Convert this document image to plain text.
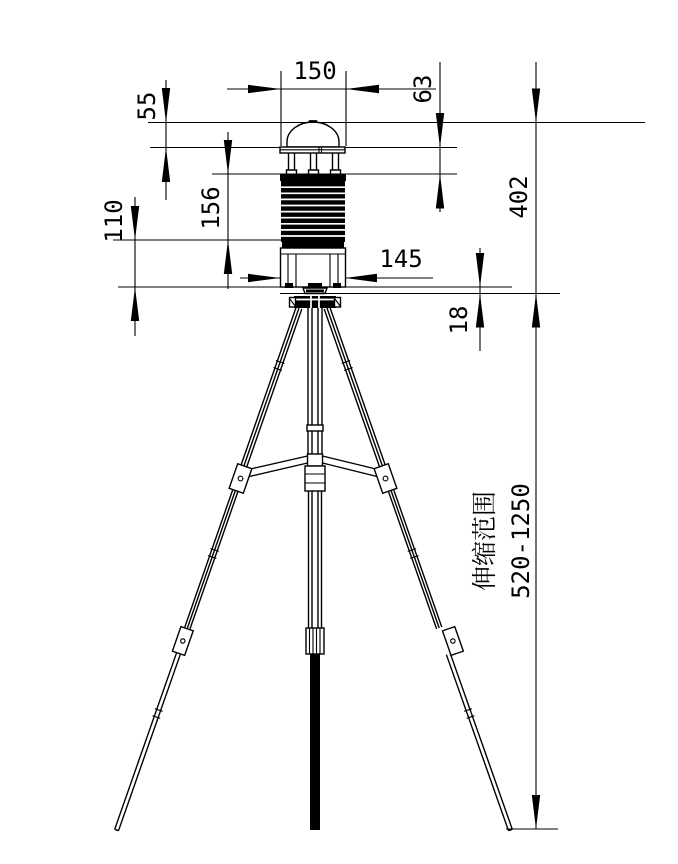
150
55
63
156
110
145
18
402
伸缩范围 520-1250
